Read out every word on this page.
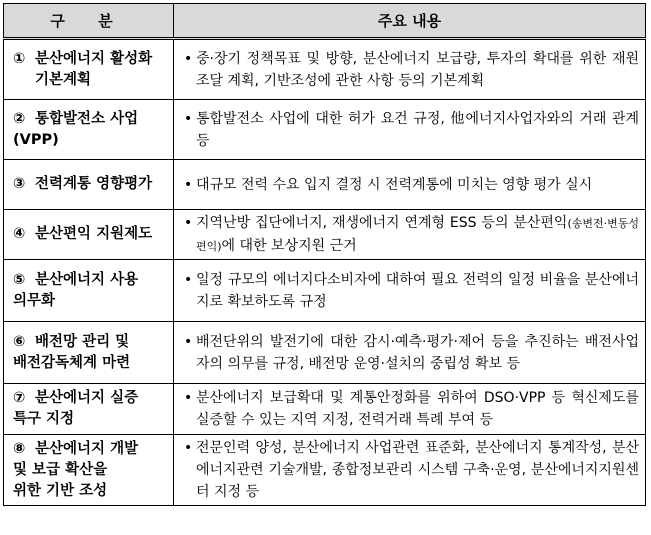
구 분	주요 내용
① 분산에너지 활성화
기본계획	• 중·장기 정책목표 및 방향, 분산에너지 보급량, 투자의 확대를 위한 재원조달 계획, 기반조성에 관한 사항 등의 기본계획

② 통합발전소 사업
(VPP)	• 통합발전소 사업에 대한 허가 요건 규정, 他에너지사업자와의 거래 관계 등

③ 전력계통 영향평가	• 대규모 전력 수요 입지 결정 시 전력계통에 미치는 영향 평가 실시

④ 분산편익 지원제도	• 지역난방 집단에너지, 재생에너지 연계형 ESS 등의 분산편익(송변전·변동성 편익)에 대한 보상지원 근거

⑤ 분산에너지 사용
의무화	• 일정 규모의 에너지다소비자에 대하여 필요 전력의 일정 비율을 분산에너지로 확보하도록 규정

⑥ 배전망 관리 및
배전감독체계 마련	• 배전단위의 발전기에 대한 감시·예측·평가·제어 등을 추진하는 배전사업자의 의무를 규정, 배전망 운영·설치의 중립성 확보 등

⑦ 분산에너지 실증
특구 지정	• 분산에너지 보급확대 및 계통안정화를 위하여 DSO·VPP 등 혁신제도를 실증할 수 있는 지역 지정, 전력거래 특례 부여 등

⑧ 분산에너지 개발
및 보급 확산을
위한 기반 조성	• 전문인력 양성, 분산에너지 사업관련 표준화, 분산에너지 통계작성, 분산에너지관련 기술개발, 종합정보관리 시스템 구축·운영, 분산에너지지원센터 지정 등
